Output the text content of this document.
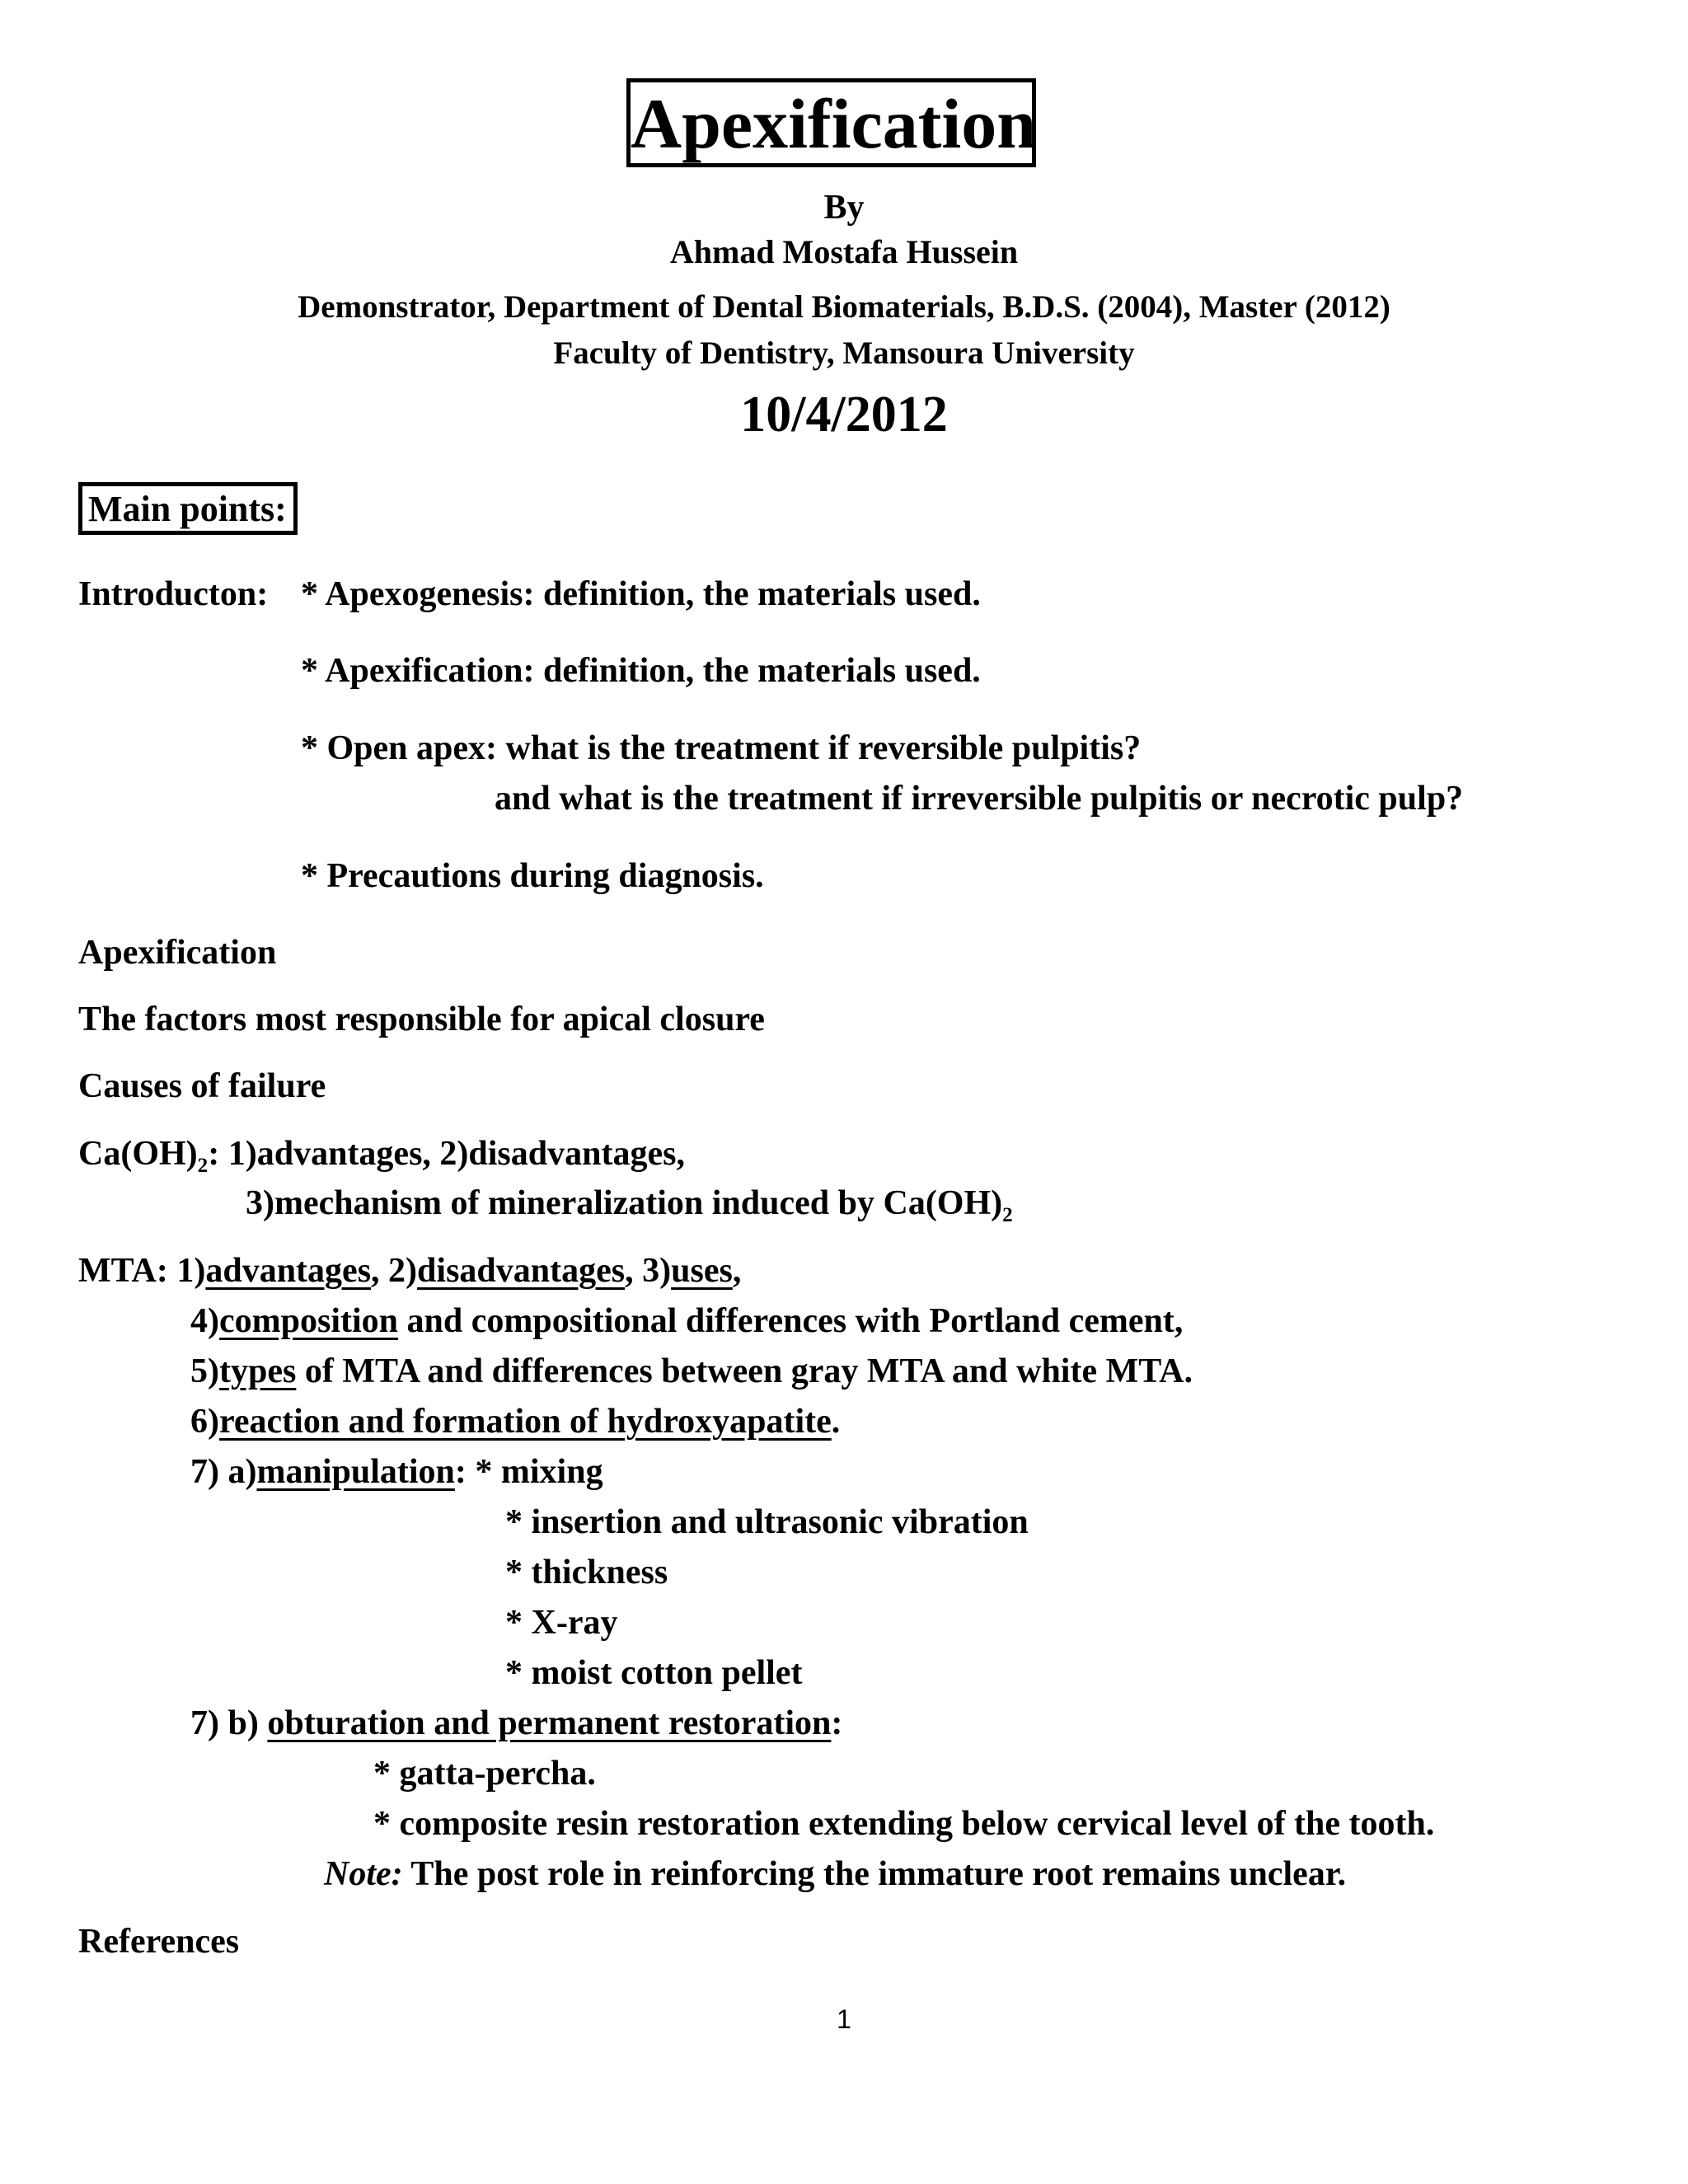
Apexification
By
Ahmad Mostafa Hussein
Demonstrator, Department of Dental Biomaterials, B.D.S. (2004), Master (2012)
Faculty of Dentistry, Mansoura University
10/4/2012
Main points:
Introducton: * Apexogenesis: definition, the materials used.
* Apexification: definition, the materials used.
* Open apex: what is the treatment if reversible pulpitis?
and what is the treatment if irreversible pulpitis or necrotic pulp?
* Precautions during diagnosis.
Apexification
The factors most responsible for apical closure
Causes of failure
$Ca(OH)_2$: 1)advantages, 2)disadvantages,
3)mechanism of mineralization induced by $Ca(OH)_2$
MTA: 1)advantages, 2)disadvantages, 3)uses,
4)composition and compositional differences with Portland cement,
5)types of MTA and differences between gray MTA and white MTA.
6)reaction and formation of hydroxyapatite.
7) a)manipulation: * mixing
* insertion and ultrasonic vibration
* thickness
* X-ray
* moist cotton pellet
7) b) obturation and permanent restoration:
* gatta-percha.
* composite resin restoration extending below cervical level of the tooth.
Note: The post role in reinforcing the immature root remains unclear.
References
1
